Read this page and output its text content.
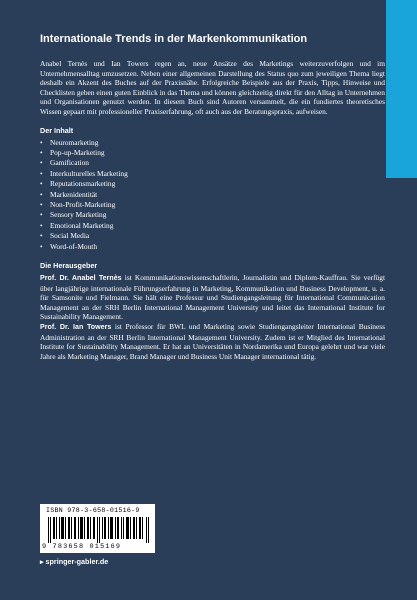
Internationale Trends in der Markenkommunikation

Anabel Ternès und Ian Towers regen an, neue Ansätze des Marketings weiterzuverfolgen und im Unternehmensalltag umzusetzen. Neben einer allgemeinen Darstellung des Status quo zum jeweiligen Thema liegt deshalb ein Akzent des Buches auf der Praxisnähe. Erfolgreiche Beispiele aus der Praxis, Tipps, Hinweise und Checklisten geben einen guten Einblick in das Thema und können gleichzeitig direkt für den Alltag in Unternehmen und Organisationen genutzt werden. In diesem Buch sind Autoren versammelt, die ein fundiertes theoretisches Wissen gepaart mit professioneller Praxiserfahrung, oft auch aus der Beratungspraxis, aufweisen.

Der Inhalt
• Neuromarketing
• Pop-up-Marketing
• Gamification
• Interkulturelles Marketing
• Reputationsmarketing
• Markenidentität
• Non-Profit-Marketing
• Sensory Marketing
• Emotional Marketing
• Social Media
• Word-of-Mouth
Die Herausgeber

Prof. Dr. Anabel Ternès ist Kommunikationswissenschaftlerin, Journalistin und Diplom-Kauffrau. Sie verfügt über langjährige internationale Führungserfahrung in Marketing, Kommunikation und Business Development, u. a. für Samsonite und Fielmann. Sie hält eine Professur und Studiengangsleitung für International Communication Management an der SRH Berlin International Management University und leitet das International Institute for Sustainability Management.

Prof. Dr. Ian Towers ist Professor für BWL und Marketing sowie Studiengangsleiter International Business Administration an der SRH Berlin International Management University. Zudem ist er Mitglied des International Institute for Sustainability Management. Er hat an Universitäten in Nordamerika und Europa gelehrt und war viele Jahre als Marketing Manager, Brand Manager und Business Unit Manager international tätig.

ISBN 978-3-658-01516-9
9 783658 015169
▸ springer-gabler.de
